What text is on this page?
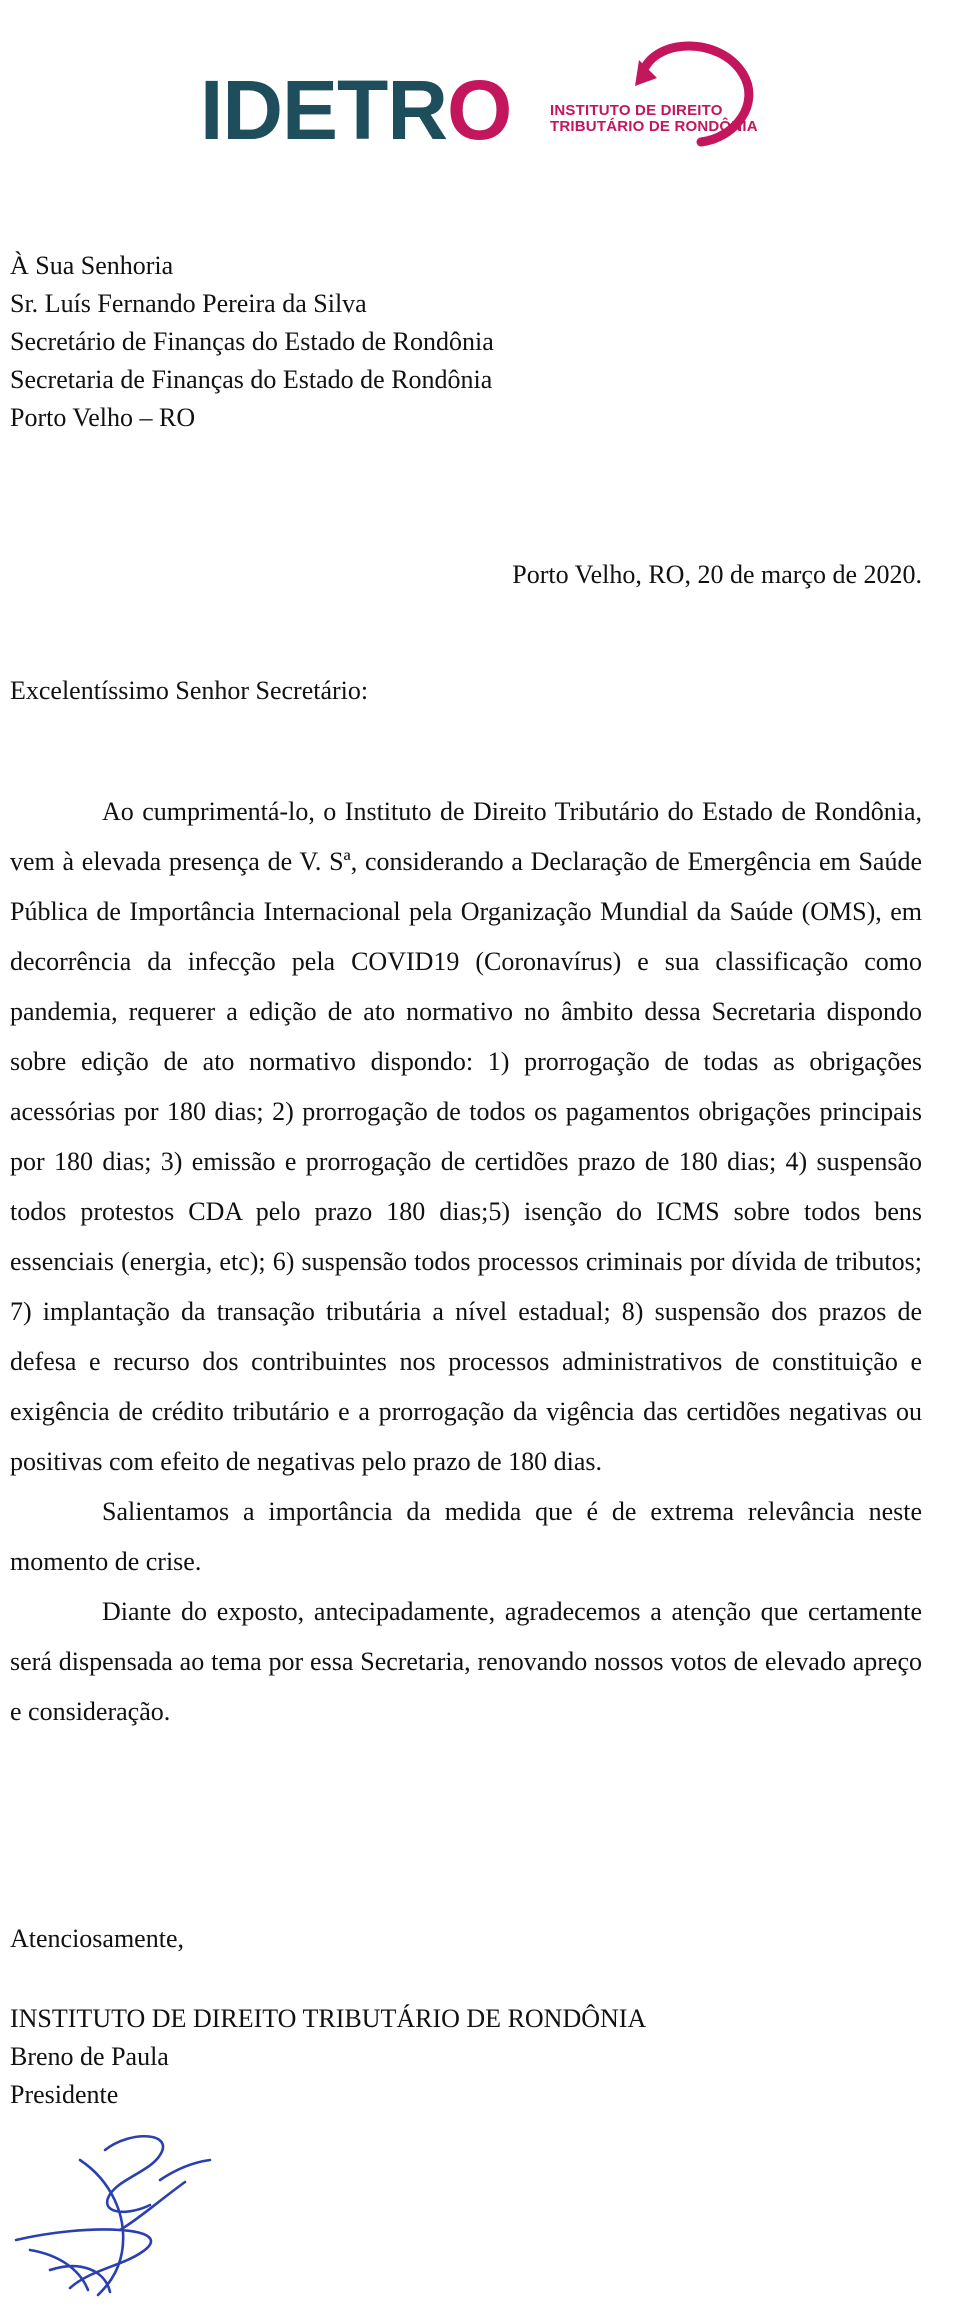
IDETRO	INSTITUTO DE DIREITO
TRIBUTÁRIO DE RONDÔNIA
À Sua Senhoria
Sr. Luís Fernando Pereira da Silva
Secretário de Finanças do Estado de Rondônia
Secretaria de Finanças do Estado de Rondônia
Porto Velho – RO
Porto Velho, RO, 20 de março de 2020.
Excelentíssimo Senhor Secretário:

Ao cumprimentá-lo, o Instituto de Direito Tributário do Estado de Rondônia, vem à elevada presença de V. Sª, considerando a Declaração de Emergência em Saúde Pública de Importância Internacional pela Organização Mundial da Saúde (OMS), em decorrência da infecção pela COVID19 (Coronavírus) e sua classificação como pandemia, requerer a edição de ato normativo no âmbito dessa Secretaria dispondo sobre edição de ato normativo dispondo: 1) prorrogação de todas as obrigações acessórias por 180 dias; 2) prorrogação de todos os pagamentos obrigações principais por 180 dias; 3) emissão e prorrogação de certidões prazo de 180 dias; 4) suspensão todos protestos CDA pelo prazo 180 dias;5) isenção do ICMS sobre todos bens essenciais (energia, etc); 6) suspensão todos processos criminais por dívida de tributos; 7) implantação da transação tributária a nível estadual; 8) suspensão dos prazos de defesa e recurso dos contribuintes nos processos administrativos de constituição e exigência de crédito tributário e a prorrogação da vigência das certidões negativas ou positivas com efeito de negativas pelo prazo de 180 dias.

Salientamos a importância da medida que é de extrema relevância neste momento de crise.

Diante do exposto, antecipadamente, agradecemos a atenção que certamente será dispensada ao tema por essa Secretaria, renovando nossos votos de elevado apreço e consideração.

Atenciosamente,
INSTITUTO DE DIREITO TRIBUTÁRIO DE RONDÔNIA
Breno de Paula
Presidente
